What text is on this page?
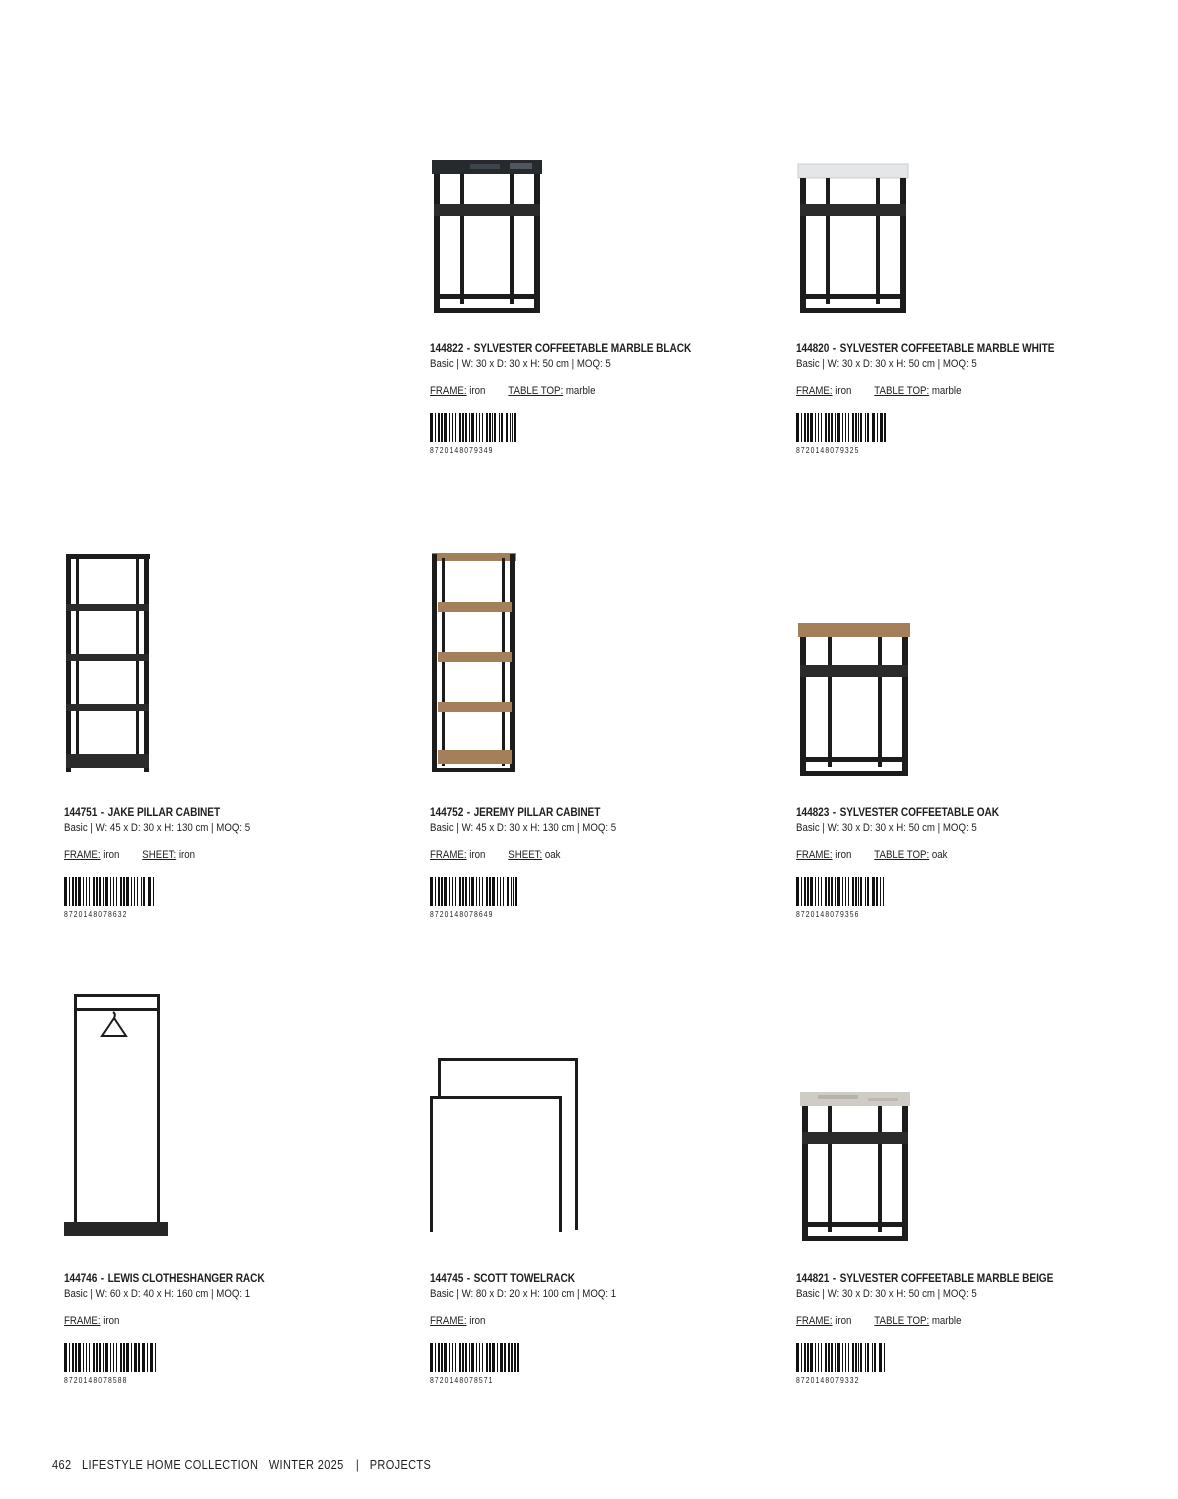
144822 - SYLVESTER COFFEETABLE MARBLE BLACK
Basic | W: 30 x D: 30 x H: 50 cm | MOQ: 5
FRAME: iron TABLE TOP: marble
8720148079349
144820 - SYLVESTER COFFEETABLE MARBLE WHITE
Basic | W: 30 x D: 30 x H: 50 cm | MOQ: 5
FRAME: iron TABLE TOP: marble
8720148079325
144751 - JAKE PILLAR CABINET
Basic | W: 45 x D: 30 x H: 130 cm | MOQ: 5
FRAME: iron SHEET: iron
8720148078632
144752 - JEREMY PILLAR CABINET
Basic | W: 45 x D: 30 x H: 130 cm | MOQ: 5
FRAME: iron SHEET: oak
8720148078649
144823 - SYLVESTER COFFEETABLE OAK
Basic | W: 30 x D: 30 x H: 50 cm | MOQ: 5
FRAME: iron TABLE TOP: oak
8720148079356
144746 - LEWIS CLOTHESHANGER RACK
Basic | W: 60 x D: 40 x H: 160 cm | MOQ: 1
FRAME: iron
8720148078588
144745 - SCOTT TOWELRACK
Basic | W: 80 x D: 20 x H: 100 cm | MOQ: 1
FRAME: iron
8720148078571
144821 - SYLVESTER COFFEETABLE MARBLE BEIGE
Basic | W: 30 x D: 30 x H: 50 cm | MOQ: 5
FRAME: iron TABLE TOP: marble
8720148079332
462 LIFESTYLE HOME COLLECTION WINTER 2025 | PROJECTS
